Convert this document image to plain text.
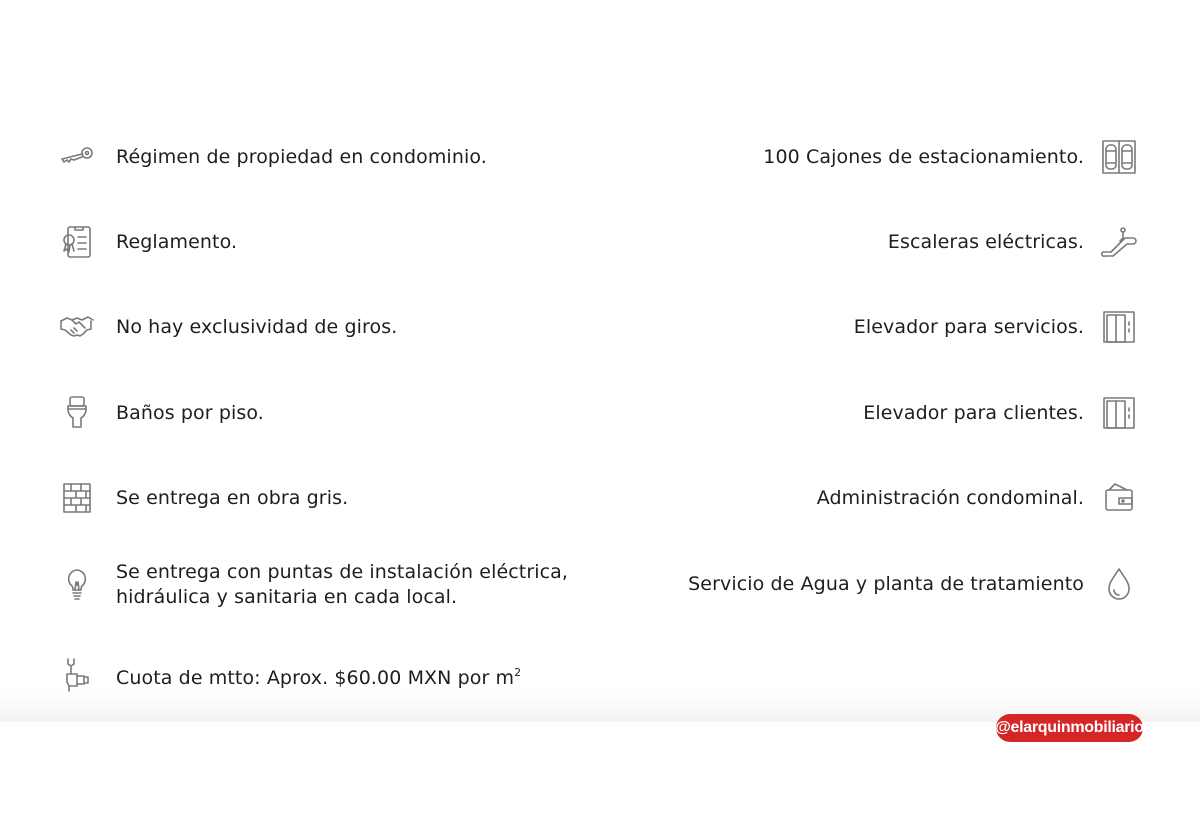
Régimen de propiedad en condominio.
Reglamento.
No hay exclusividad de giros.
Baños por piso.
Se entrega en obra gris.
Se entrega con puntas de instalación eléctrica,
hidráulica y sanitaria en cada local.
Cuota de mtto: Aprox. $60.00 MXN por $m^2$
100 Cajones de estacionamiento.
Escaleras eléctricas.
Elevador para servicios.
Elevador para clientes.
Administración condominal.
Servicio de Agua y planta de tratamiento
@elarquinmobiliario
